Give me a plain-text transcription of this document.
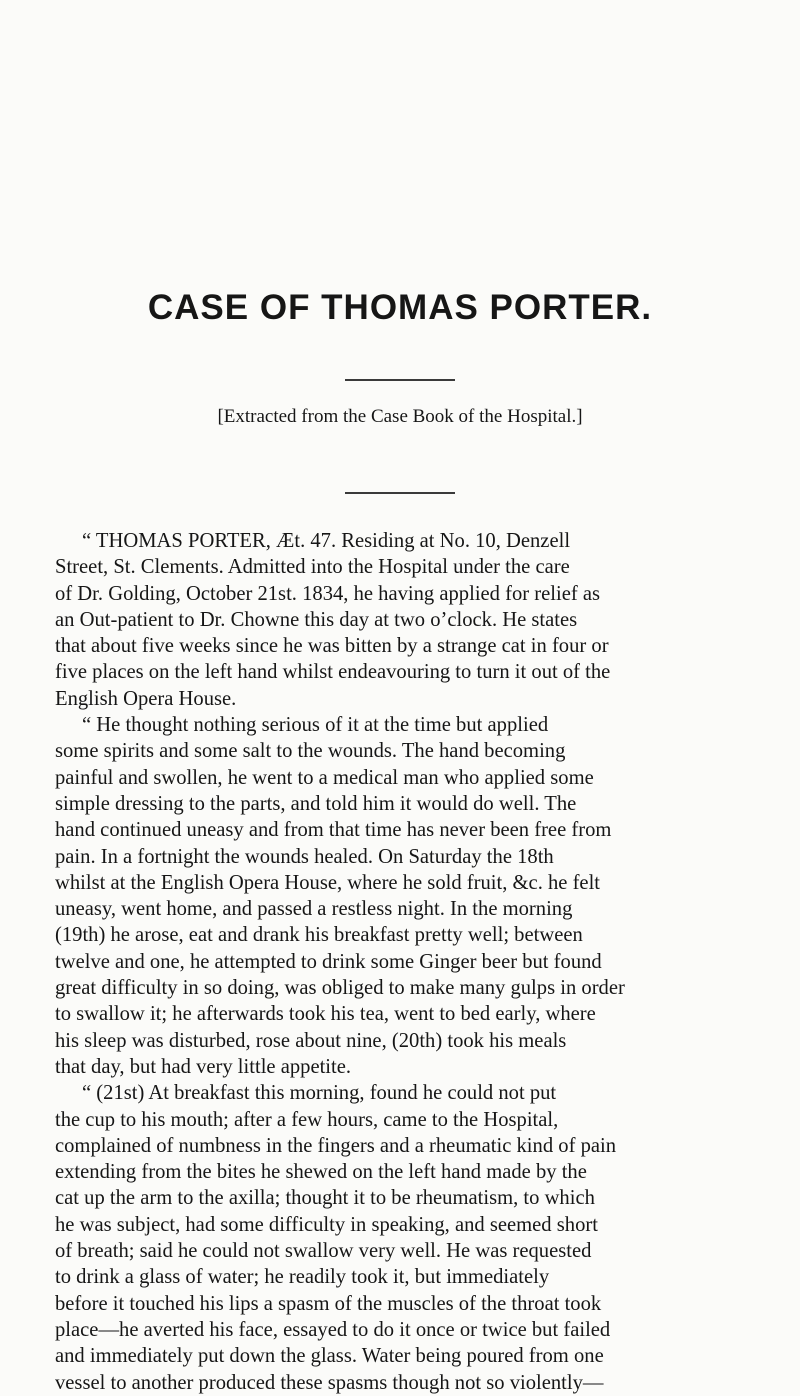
CASE OF THOMAS PORTER.

[Extracted from the Case Book of the Hospital.]

“ THOMAS PORTER, Æt. 47. Residing at No. 10, Denzell
Street, St. Clements. Admitted into the Hospital under the care
of Dr. Golding, October 21st. 1834, he having applied for relief as
an Out-patient to Dr. Chowne this day at two o’clock. He states
that about five weeks since he was bitten by a strange cat in four or
five places on the left hand whilst endeavouring to turn it out of the
English Opera House.
“ He thought nothing serious of it at the time but applied
some spirits and some salt to the wounds. The hand becoming
painful and swollen, he went to a medical man who applied some
simple dressing to the parts, and told him it would do well. The
hand continued uneasy and from that time has never been free from
pain. In a fortnight the wounds healed. On Saturday the 18th
whilst at the English Opera House, where he sold fruit, &c. he felt
uneasy, went home, and passed a restless night. In the morning
(19th) he arose, eat and drank his breakfast pretty well; between
twelve and one, he attempted to drink some Ginger beer but found
great difficulty in so doing, was obliged to make many gulps in order
to swallow it; he afterwards took his tea, went to bed early, where
his sleep was disturbed, rose about nine, (20th) took his meals
that day, but had very little appetite.
“ (21st) At breakfast this morning, found he could not put
the cup to his mouth; after a few hours, came to the Hospital,
complained of numbness in the fingers and a rheumatic kind of pain
extending from the bites he shewed on the left hand made by the
cat up the arm to the axilla; thought it to be rheumatism, to which
he was subject, had some difficulty in speaking, and seemed short
of breath; said he could not swallow very well. He was requested
to drink a glass of water; he readily took it, but immediately
before it touched his lips a spasm of the muscles of the throat took
place—he averted his face, essayed to do it once or twice but failed
and immediately put down the glass. Water being poured from one
vessel to another produced these spasms though not so violently—
